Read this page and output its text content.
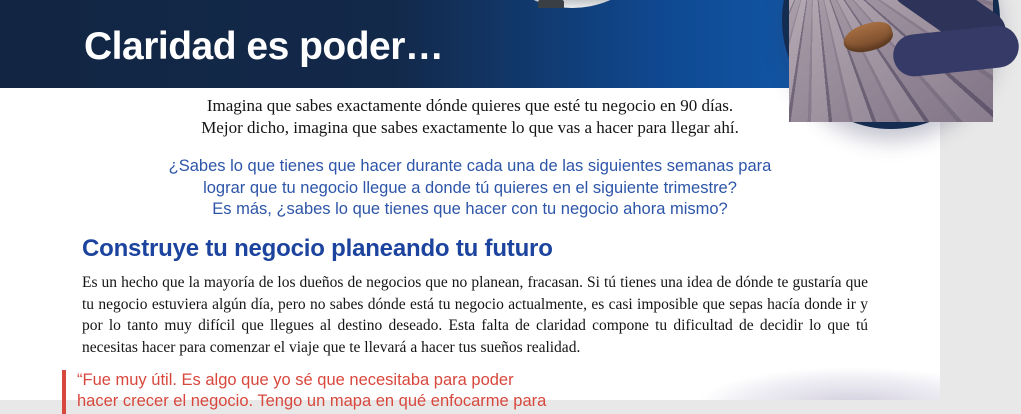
Claridad es poder…
Imagina que sabes exactamente dónde quieres que esté tu negocio en 90 días.
Mejor dicho, imagina que sabes exactamente lo que vas a hacer para llegar ahí.
¿Sabes lo que tienes que hacer durante cada una de las siguientes semanas para
lograr que tu negocio llegue a donde tú quieres en el siguiente trimestre?
Es más, ¿sabes lo que tienes que hacer con tu negocio ahora mismo?
Construye tu negocio planeando tu futuro

Es un hecho que la mayoría de los dueños de negocios que no planean, fracasan. Si tú tienes una idea de dónde te gustaría que tu negocio estuviera algún día, pero no sabes dónde está tu negocio actualmente, es casi imposible que sepas hacía donde ir y por lo tanto muy difícil que llegues al destino deseado. Esta falta de claridad compone tu dificultad de decidir lo que tú necesitas hacer para comenzar el viaje que te llevará a hacer tus sueños realidad.

“Fue muy útil. Es algo que yo sé que necesitaba para poder
hacer crecer el negocio. Tengo un mapa en qué enfocarme para
